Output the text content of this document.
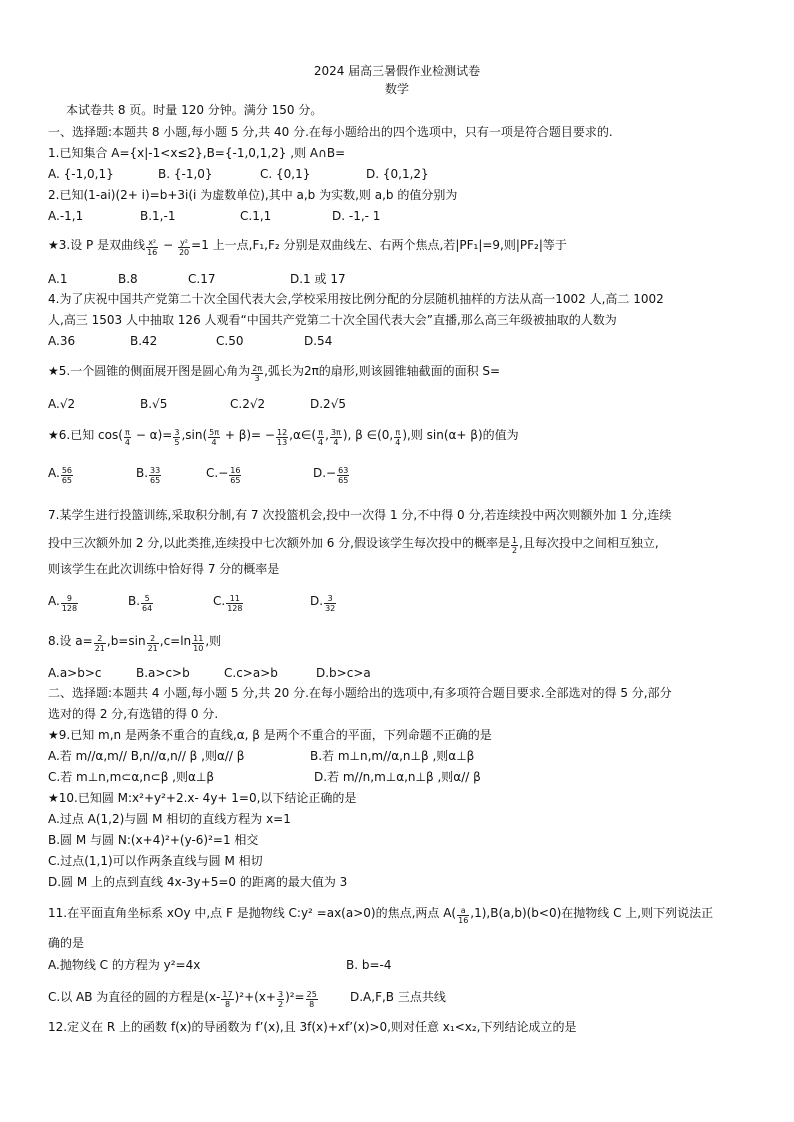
2024 届高三暑假作业检测试卷
数学
本试卷共 8 页。时量 120 分钟。满分 150 分。
一、选择题:本题共 8 小题,每小题 5 分,共 40 分.在每小题给出的四个选项中，只有一项是符合题目要求的.
1.已知集合 A={x|-1<x≤2},B={-1,0,1,2} ,则 A∩B=
A. {-1,0,1}	B. {-1,0}	C. {0,1}	D. {0,1,2}
2.已知(1-ai)(2+ i)=b+3i(i 为虚数单位),其中 a,b 为实数,则 a,b 的值分别为
A.-1,1	B.1,-1	C.1,1	D. -1,- 1
★3.设 P 是双曲线 $\frac{\text{x²}}{16} - \frac{\text{y²}}{20} =1$ 上一点,F₁,F₂ 分别是双曲线左、右两个焦点,若|PF₁|=9,则|PF₂|等于
A.1	B.8	C.17	D.1 或 17
4.为了庆祝中国共产党第二十次全国代表大会,学校采用按比例分配的分层随机抽样的方法从高一1002 人,高二 1002
人,高三 1503 人中抽取 126 人观看“中国共产党第二十次全国代表大会”直播,那么高三年级被抽取的人数为
A.36	B.42	C.50	D.54
★5.一个圆锥的侧面展开图是圆心角为 $\frac{2\pi}{3}$ ,弧长为2π的扇形,则该圆锥轴截面的面积 S=
A.√2	B.√5	C.2√2	D.2√5
★6.已知 $\cos( \frac{\pi}{4} - \alpha)= \frac{3}{5} ,\sin( \frac{5\pi}{4} + \beta)= - \frac{12}{13}$ ,α∈( $\frac{\pi}{4}$ , $\frac{3\pi}{4}$ ), β ∈(0, $\frac{\pi}{4}$ ),则 sin(α+ β)的值为
A. $\frac{56}{65}$	B. $\frac{33}{65}$	$C.- \frac{16}{65}$	$D.- \frac{63}{65}$
7.某学生进行投篮训练,采取积分制,有 7 次投篮机会,投中一次得 1 分,不中得 0 分,若连续投中两次则额外加 1 分,连续
投中三次额外加 2 分,以此类推,连续投中七次额外加 6 分,假设该学生每次投中的概率是 $\frac{1}{2}$ ,且每次投中之间相互独立,
则该学生在此次训练中恰好得 7 分的概率是
A. $\frac{9}{128}$	B. $\frac{5}{64}$	C. $\frac{11}{128}$	D. $\frac{3}{32}$
8.设 $a= \frac{2}{21} ,b=\sin \frac{2}{21} ,c=\ln \frac{11}{10}$ ,则
A.a>b>c	B.a>c>b	C.c>a>b	D.b>c>a
二、选择题:本题共 4 小题,每小题 5 分,共 20 分.在每小题给出的选项中,有多项符合题目要求.全部选对的得 5 分,部分
选对的得 2 分,有选错的得 0 分.
★9.已知 m,n 是两条不重合的直线,α, β 是两个不重合的平面，下列命题不正确的是
A.若 m//α,m// B,n//α,n// β ,则α// β	B.若 m⊥n,m//α,n⊥β ,则α⊥β
C.若 m⊥n,m⊂α,n⊂β ,则α⊥β	D.若 m//n,m⊥α,n⊥β ,则α// β
★10.已知圆 M:x²+y²+2.x- 4y+ 1=0,以下结论正确的是
A.过点 A(1,2)与圆 M 相切的直线方程为 x=1
B.圆 M 与圆 N:(x+4)²+(y-6)²=1 相交
C.过点(1,1)可以作两条直线与圆 M 相切
D.圆 M 上的点到直线 4x-3y+5=0 的距离的最大值为 3
11.在平面直角坐标系 xOy 中,点 F 是抛物线 C:y² =ax(a>0)的焦点,两点 $A( \frac{a}{16} ,1),B(a,b)(b<0)$在抛物线 C 上,则下列说法正
确的是
A.抛物线 C 的方程为 y²=4x	B. b=-4
C.以 AB 为直径的圆的方程是$(x- \frac{17}{8} )^2+(x+ \frac{3}{2} )^2= \frac{25}{8}$	D.A,F,B 三点共线
12.定义在 R 上的函数 f(x)的导函数为 f’(x),且 3f(x)+xf’(x)>0,则对任意 x₁<x₂,下列结论成立的是
